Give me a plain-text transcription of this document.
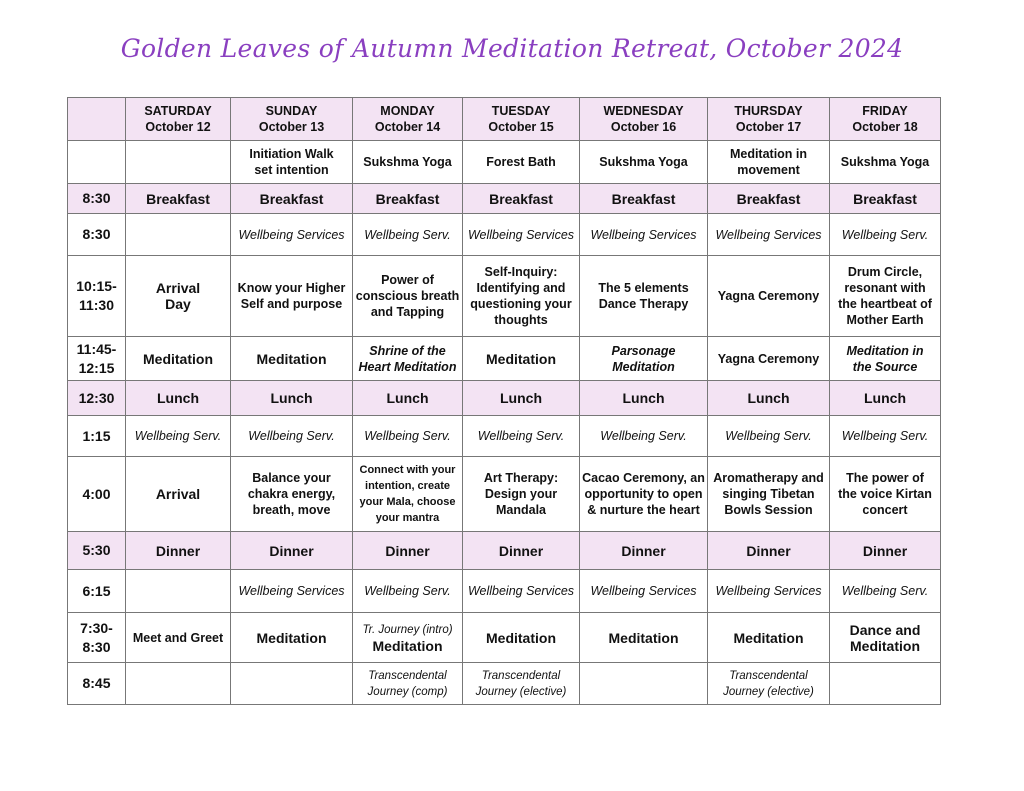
Golden Leaves of Autumn Meditation Retreat, October 2024
	SATURDAY
October 12	SUNDAY
October 13	MONDAY
October 14	TUESDAY
October 15	WEDNESDAY
October 16	THURSDAY
October 17	FRIDAY
October 18
		Initiation Walk
set intention	Sukshma Yoga	Forest Bath	Sukshma Yoga	Meditation in
movement	Sukshma Yoga
8:30	Breakfast	Breakfast	Breakfast	Breakfast	Breakfast	Breakfast	Breakfast
8:30		Wellbeing Services	Wellbeing Serv.	Wellbeing Services	Wellbeing Services	Wellbeing Services	Wellbeing Serv.
10:15-
11:30	Arrival
Day	Know your Higher
Self and purpose	Power of
conscious breath
and Tapping	Self-Inquiry:
Identifying and
questioning your
thoughts	The 5 elements
Dance Therapy	Yagna Ceremony	Drum Circle,
resonant with
the heartbeat of
Mother Earth
11:45-
12:15	Meditation	Meditation	Shrine of the
Heart Meditation	Meditation	Parsonage
Meditation	Yagna Ceremony	Meditation in
the Source
12:30	Lunch	Lunch	Lunch	Lunch	Lunch	Lunch	Lunch
1:15	Wellbeing Serv.	Wellbeing Serv.	Wellbeing Serv.	Wellbeing Serv.	Wellbeing Serv.	Wellbeing Serv.	Wellbeing Serv.
4:00	Arrival	Balance your
chakra energy,
breath, move	Connect with your
intention, create
your Mala, choose
your mantra	Art Therapy:
Design your
Mandala	Cacao Ceremony, an
opportunity to open
& nurture the heart	Aromatherapy and
singing Tibetan
Bowls Session	The power of
the voice Kirtan
concert
5:30	Dinner	Dinner	Dinner	Dinner	Dinner	Dinner	Dinner
6:15		Wellbeing Services	Wellbeing Serv.	Wellbeing Services	Wellbeing Services	Wellbeing Services	Wellbeing Serv.
7:30-
8:30	Meet and Greet	Meditation	Tr. Journey (intro)
Meditation	Meditation	Meditation	Meditation	Dance and
Meditation
8:45			Transcendental
Journey (comp)	Transcendental
Journey (elective)		Transcendental
Journey (elective)	
